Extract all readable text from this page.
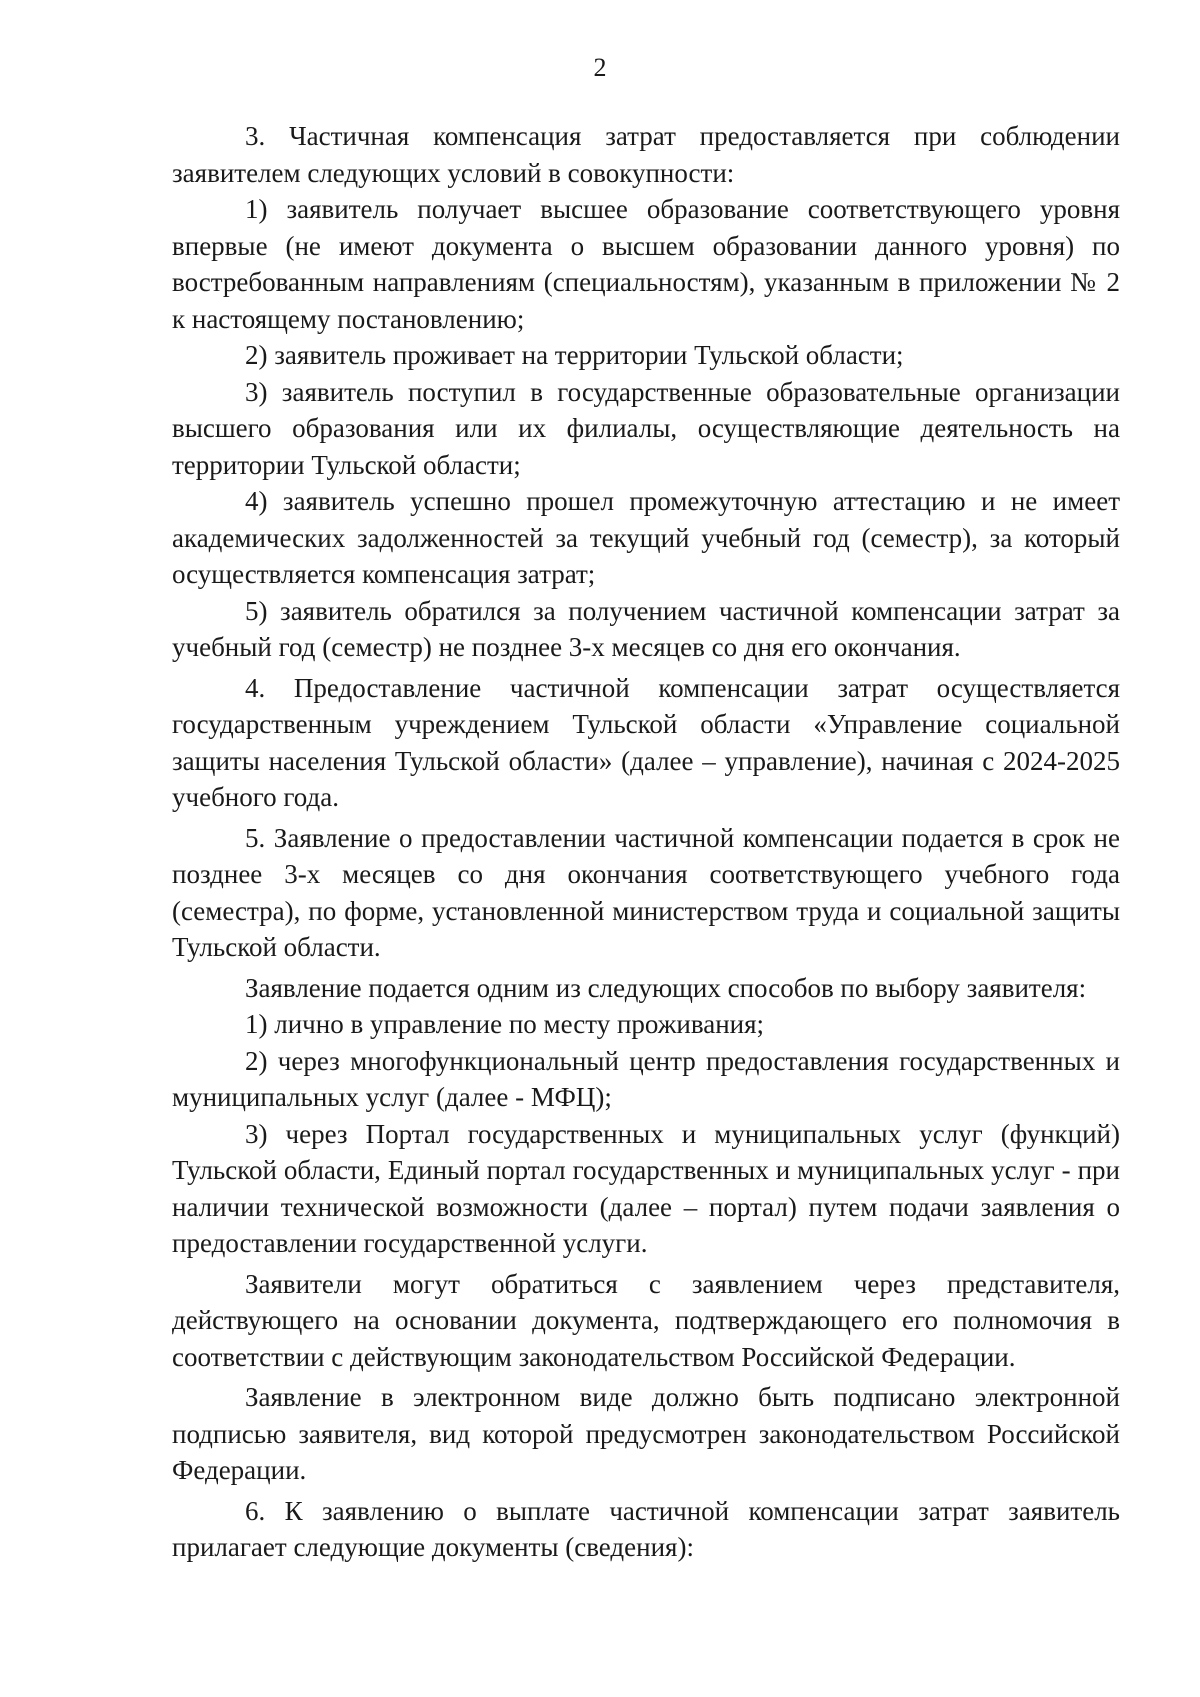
2

3. Частичная компенсация затрат предоставляется при соблюдении заявителем следующих условий в совокупности:

1) заявитель получает высшее образование соответствующего уровня впервые (не имеют документа о высшем образовании данного уровня) по востребованным направлениям (специальностям), указанным в приложении № 2 к настоящему постановлению;

2) заявитель проживает на территории Тульской области;

3) заявитель поступил в государственные образовательные организации высшего образования или их филиалы, осуществляющие деятельность на территории Тульской области;

4) заявитель успешно прошел промежуточную аттестацию и не имеет академических задолженностей за текущий учебный год (семестр), за который осуществляется компенсация затрат;

5) заявитель обратился за получением частичной компенсации затрат за учебный год (семестр) не позднее 3-х месяцев со дня его окончания.

4. Предоставление частичной компенсации затрат осуществляется государственным учреждением Тульской области «Управление социальной защиты населения Тульской области» (далее – управление), начиная с 2024-2025 учебного года.

5. Заявление о предоставлении частичной компенсации подается в срок не позднее 3-х месяцев со дня окончания соответствующего учебного года (семестра), по форме, установленной министерством труда и социальной защиты Тульской области.

Заявление подается одним из следующих способов по выбору заявителя:

1) лично в управление по месту проживания;

2) через многофункциональный центр предоставления государственных и муниципальных услуг (далее - МФЦ);

3) через Портал государственных и муниципальных услуг (функций) Тульской области, Единый портал государственных и муниципальных услуг - при наличии технической возможности (далее – портал) путем подачи заявления о предоставлении государственной услуги.

Заявители могут обратиться с заявлением через представителя, действующего на основании документа, подтверждающего его полномочия в соответствии с действующим законодательством Российской Федерации.

Заявление в электронном виде должно быть подписано электронной подписью заявителя, вид которой предусмотрен законодательством Российской Федерации.

6. К заявлению о выплате частичной компенсации затрат заявитель прилагает следующие документы (сведения):
